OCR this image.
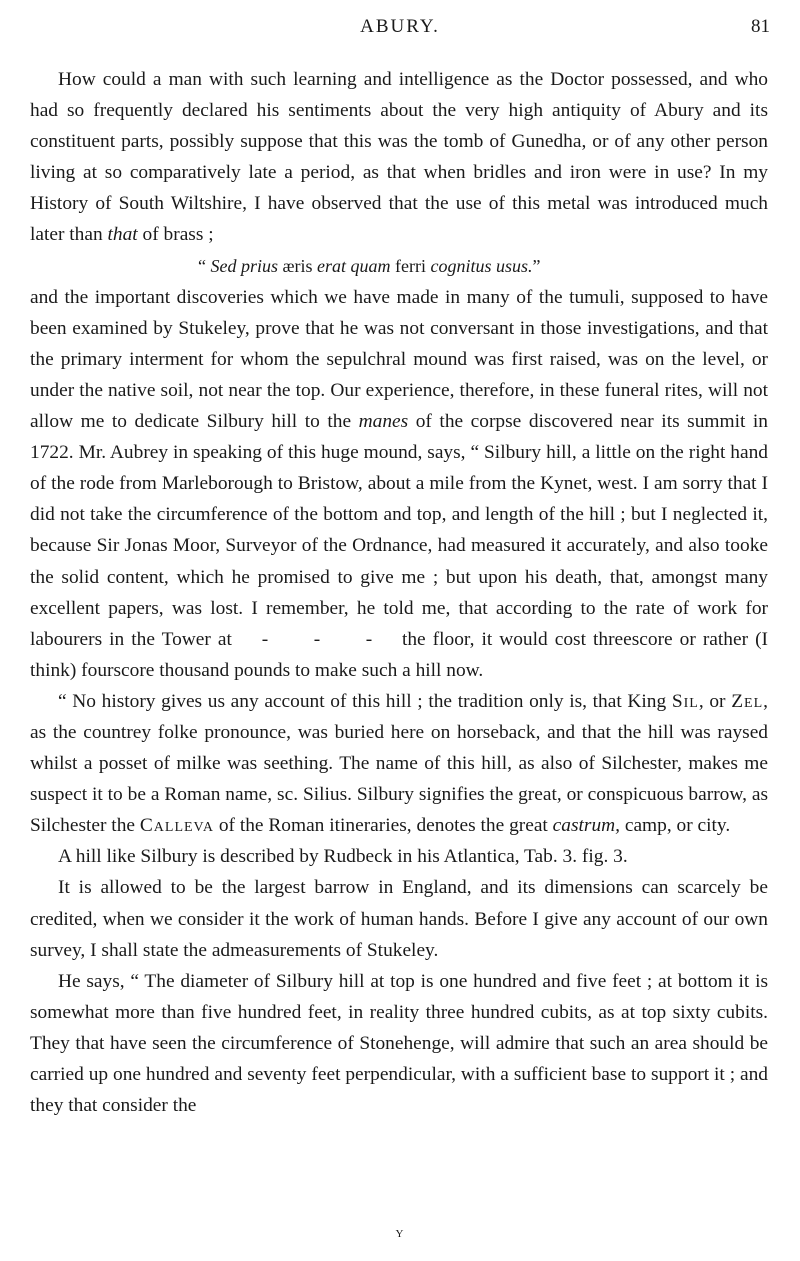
ABURY.	81

How could a man with such learning and intelligence as the Doctor possessed, and who had so frequently declared his sentiments about the very high antiquity of Abury and its constituent parts, possibly suppose that this was the tomb of Gunedha, or of any other person living at so comparatively late a period, as that when bridles and iron were in use? In my History of South Wiltshire, I have observed that the use of this metal was introduced much later than that of brass ;

“ Sed prius æris erat quam ferri cognitus usus.”

and the important discoveries which we have made in many of the tumuli, supposed to have been examined by Stukeley, prove that he was not conversant in those investigations, and that the primary interment for whom the sepulchral mound was first raised, was on the level, or under the native soil, not near the top. Our experience, therefore, in these funeral rites, will not allow me to dedicate Silbury hill to the manes of the corpse discovered near its summit in 1722. Mr. Aubrey in speaking of this huge mound, says, “ Silbury hill, a little on the right hand of the rode from Marleborough to Bristow, about a mile from the Kynet, west. I am sorry that I did not take the circumference of the bottom and top, and length of the hill ; but I neglected it, because Sir Jonas Moor, Surveyor of the Ordnance, had measured it accurately, and also tooke the solid content, which he promised to give me ; but upon his death, that, amongst many excellent papers, was lost. I remember, he told me, that according to the rate of work for labourers in the Tower at - - - the floor, it would cost threescore or rather (I think) fourscore thousand pounds to make such a hill now.

“ No history gives us any account of this hill ; the tradition only is, that King Sil, or Zel, as the countrey folke pronounce, was buried here on horseback, and that the hill was raysed whilst a posset of milke was seething. The name of this hill, as also of Silchester, makes me suspect it to be a Roman name, sc. Silius. Silbury signifies the great, or conspicuous barrow, as Silchester the Calleva of the Roman itineraries, denotes the great castrum, camp, or city.

A hill like Silbury is described by Rudbeck in his Atlantica, Tab. 3. fig. 3.

It is allowed to be the largest barrow in England, and its dimensions can scarcely be credited, when we consider it the work of human hands. Before I give any account of our own survey, I shall state the admeasurements of Stukeley.

He says, “ The diameter of Silbury hill at top is one hundred and five feet ; at bottom it is somewhat more than five hundred feet, in reality three hundred cubits, as at top sixty cubits. They that have seen the circumference of Stonehenge, will admire that such an area should be carried up one hundred and seventy feet perpendicular, with a sufficient base to support it ; and they that consider the

Y
